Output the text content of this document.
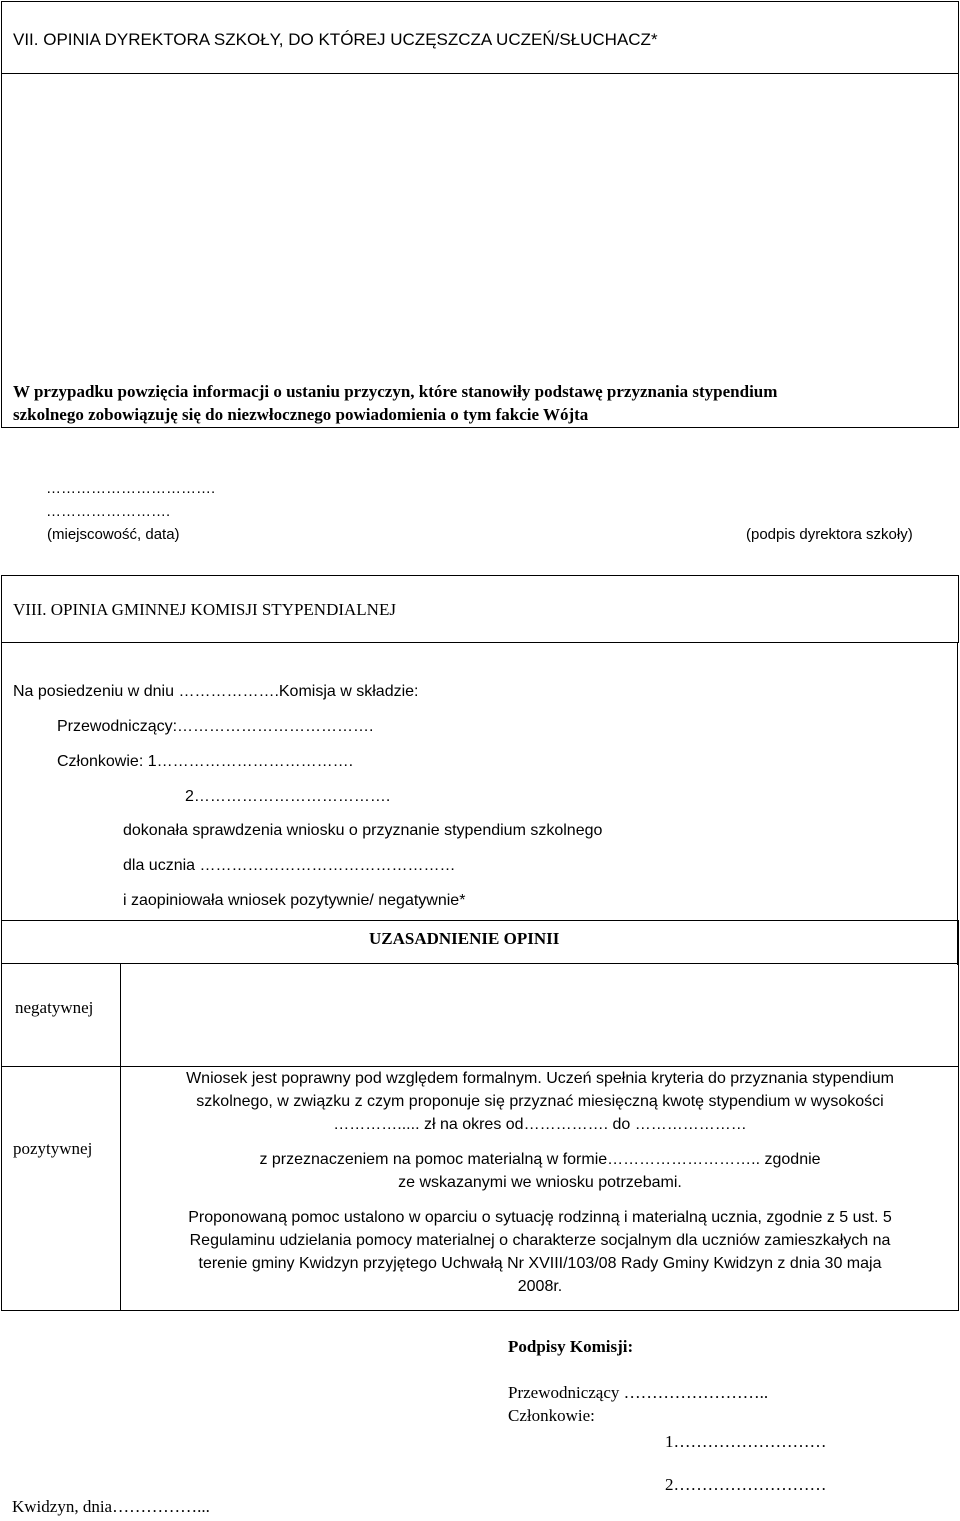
VII. OPINIA DYREKTORA SZKOŁY, DO KTÓREJ UCZĘSZCZA UCZEŃ/SŁUCHACZ*
W przypadku powzięcia informacji o ustaniu przyczyn, które stanowiły podstawę przyznania stypendium
szkolnego zobowiązuję się do niezwłocznego powiadomienia o tym fakcie Wójta
…………………………….
…………………….
(miejscowość, data)	(podpis dyrektora szkoły)
VIII. OPINIA GMINNEJ KOMISJI STYPENDIALNEJ
Na posiedzeniu w dniu ……………….Komisja w składzie:
Przewodniczący:……………………………….
Członkowie: 1……………………………….
2……………………………….
dokonała sprawdzenia wniosku o przyznanie stypendium szkolnego
dla ucznia …………………………………………
i zaopiniowała wniosek pozytywnie/ negatywnie*
UZASADNIENIE OPINII
negatywnej
pozytywnej
Wniosek jest poprawny pod względem formalnym. Uczeń spełnia kryteria do przyznania stypendium
szkolnego, w związku z czym proponuje się przyznać miesięczną kwotę stypendium w wysokości
…………..... zł na okres od……………. do …………………
z przeznaczeniem na pomoc materialną w formie……………………….. zgodnie
ze wskazanymi we wniosku potrzebami.
Proponowaną pomoc ustalono w oparciu o sytuację rodzinną i materialną ucznia, zgodnie z 5 ust. 5
Regulaminu udzielania pomocy materialnej o charakterze socjalnym dla uczniów zamieszkałych na
terenie gminy Kwidzyn przyjętego Uchwałą Nr XVIII/103/08 Rady Gminy Kwidzyn z dnia 30 maja
2008r.
Podpisy Komisji:
Przewodniczący ……………………..
Członkowie:
1………………………
2………………………
Kwidzyn, dnia……………...
